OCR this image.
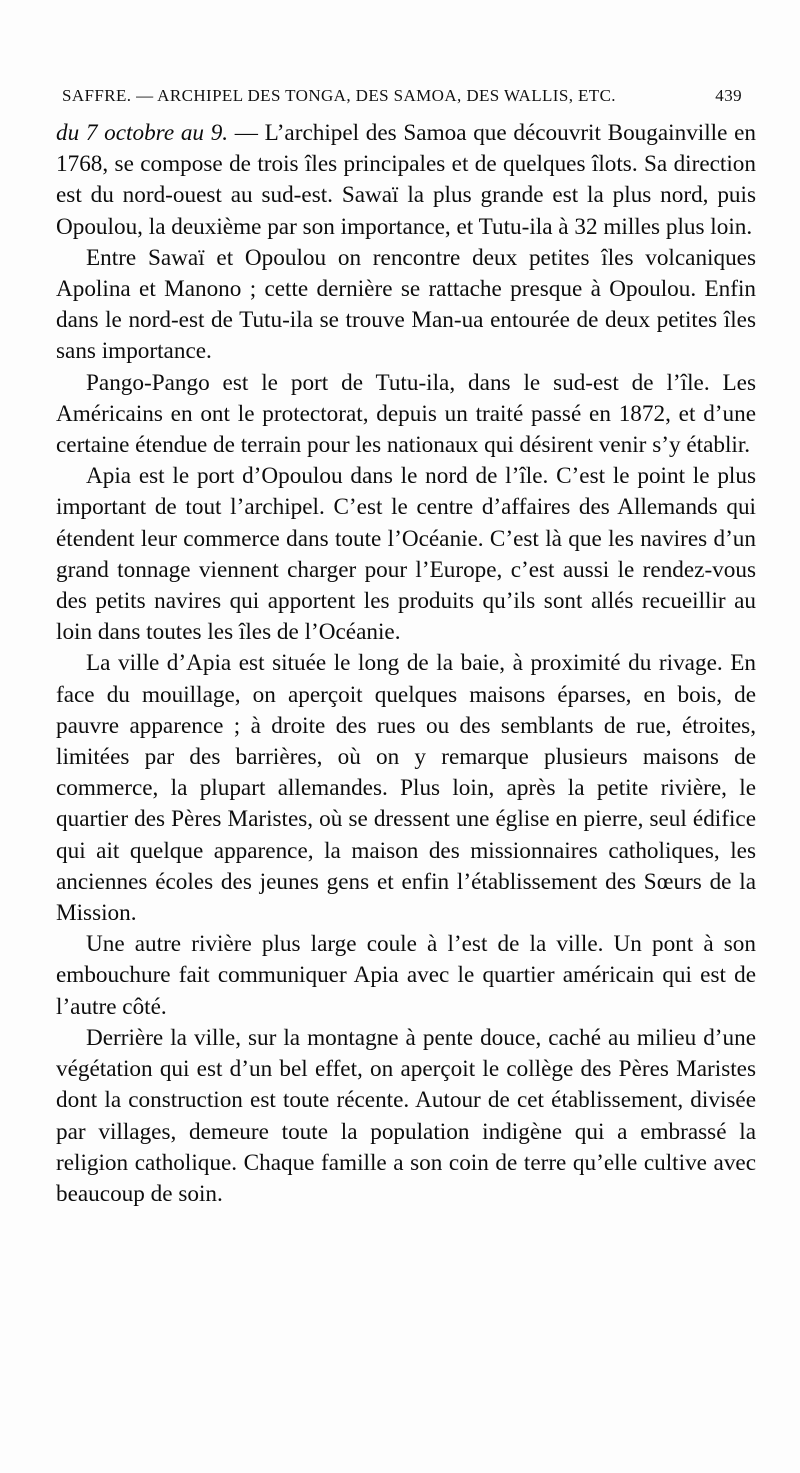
SAFFRE. — ARCHIPEL DES TONGA, DES SAMOA, DES WALLIS, ETC.	439

du 7 octobre au 9. — L’archipel des Samoa que découvrit Bougainville en 1768, se compose de trois îles principales et de quelques îlots. Sa direction est du nord-ouest au sud-est. Sawaï la plus grande est la plus nord, puis Opoulou, la deuxième par son importance, et Tutu-ila à 32 milles plus loin.

Entre Sawaï et Opoulou on rencontre deux petites îles volcaniques Apolina et Manono ; cette dernière se rattache presque à Opoulou. Enfin dans le nord-est de Tutu-ila se trouve Man-ua entourée de deux petites îles sans importance.

Pango-Pango est le port de Tutu-ila, dans le sud-est de l’île. Les Américains en ont le protectorat, depuis un traité passé en 1872, et d’une certaine étendue de terrain pour les nationaux qui désirent venir s’y établir.

Apia est le port d’Opoulou dans le nord de l’île. C’est le point le plus important de tout l’archipel. C’est le centre d’affaires des Allemands qui étendent leur commerce dans toute l’Océanie. C’est là que les navires d’un grand tonnage viennent charger pour l’Europe, c’est aussi le rendez-vous des petits navires qui apportent les produits qu’ils sont allés recueillir au loin dans toutes les îles de l’Océanie.

La ville d’Apia est située le long de la baie, à proximité du rivage. En face du mouillage, on aperçoit quelques maisons éparses, en bois, de pauvre apparence ; à droite des rues ou des semblants de rue, étroites, limitées par des barrières, où on y remarque plusieurs maisons de commerce, la plupart allemandes. Plus loin, après la petite rivière, le quartier des Pères Maristes, où se dressent une église en pierre, seul édifice qui ait quelque apparence, la maison des missionnaires catholiques, les anciennes écoles des jeunes gens et enfin l’établissement des Sœurs de la Mission.

Une autre rivière plus large coule à l’est de la ville. Un pont à son embouchure fait communiquer Apia avec le quartier américain qui est de l’autre côté.

Derrière la ville, sur la montagne à pente douce, caché au milieu d’une végétation qui est d’un bel effet, on aperçoit le collège des Pères Maristes dont la construction est toute récente. Autour de cet établissement, divisée par villages, demeure toute la population indigène qui a embrassé la religion catholique. Chaque famille a son coin de terre qu’elle cultive avec beaucoup de soin.
